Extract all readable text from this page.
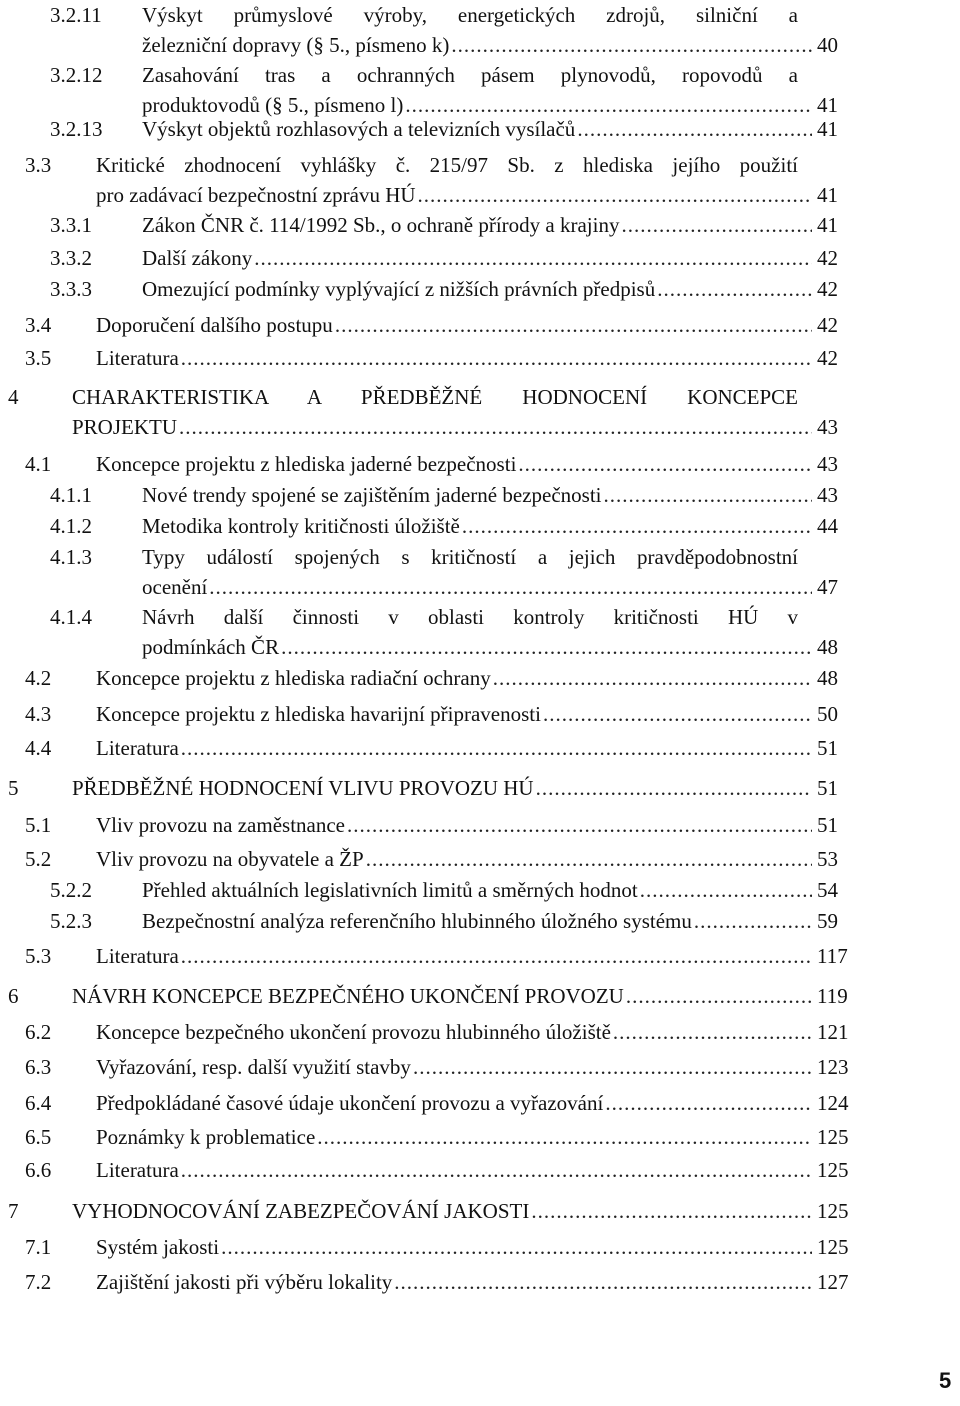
3.2.11 Výskyt průmyslové výroby, energetických zdrojů, silniční a
železniční dopravy (§ 5., písmeno k) .....	40
3.2.12 Zasahování tras a ochranných pásem plynovodů, ropovodů a
produktovodů (§ 5., písmeno l) .....	41
3.2.13 Výskyt objektů rozhlasových a televizních vysílačů .....	41
3.3 Kritické zhodnocení vyhlášky č. 215/97 Sb. z hlediska jejího použití
pro zadávací bezpečnostní zprávu HÚ .....	41
3.3.1 Zákon ČNR č. 114/1992 Sb., o ochraně přírody a krajiny .....	41
3.3.2 Další zákony .....	42
3.3.3 Omezující podmínky vyplývající z nižších právních předpisů .....	42
3.4 Doporučení dalšího postupu .....	42
3.5 Literatura .....	42
4	CHARAKTERISTIKA A PŘEDBĚŽNÉ HODNOCENÍ KONCEPCE
PROJEKTU .....	43
4.1 Koncepce projektu z hlediska jaderné bezpečnosti .....	43
4.1.1 Nové trendy spojené se zajištěním jaderné bezpečnosti .....	43
4.1.2 Metodika kontroly kritičnosti úložiště .....	44
4.1.3 Typy událostí spojených s kritičností a jejich pravděpodobnostní
ocenění .....	47
4.1.4 Návrh další činnosti v oblasti kontroly kritičnosti HÚ v
podmínkách ČR .....	48
4.2 Koncepce projektu z hlediska radiační ochrany .....	48
4.3 Koncepce projektu z hlediska havarijní připravenosti .....	50
4.4 Literatura .....	51
5	PŘEDBĚŽNÉ HODNOCENÍ VLIVU PROVOZU HÚ .....	51
5.1 Vliv provozu na zaměstnance .....	51
5.2 Vliv provozu na obyvatele a ŽP .....	53
5.2.2 Přehled aktuálních legislativních limitů a směrných hodnot .....	54
5.2.3 Bezpečnostní analýza referenčního hlubinného úložného systému .....	59
5.3 Literatura .....	117
6	NÁVRH KONCEPCE BEZPEČNÉHO UKONČENÍ PROVOZU .....	119
6.2 Koncepce bezpečného ukončení provozu hlubinného úložiště .....	121
6.3 Vyřazování, resp. další využití stavby .....	123
6.4 Předpokládané časové údaje ukončení provozu a vyřazování .....	124
6.5 Poznámky k problematice .....	125
6.6 Literatura .....	125
7	VYHODNOCOVÁNÍ ZABEZPEČOVÁNÍ JAKOSTI .....	125
7.1 Systém jakosti .....	125
7.2 Zajištění jakosti při výběru lokality .....	127
5
